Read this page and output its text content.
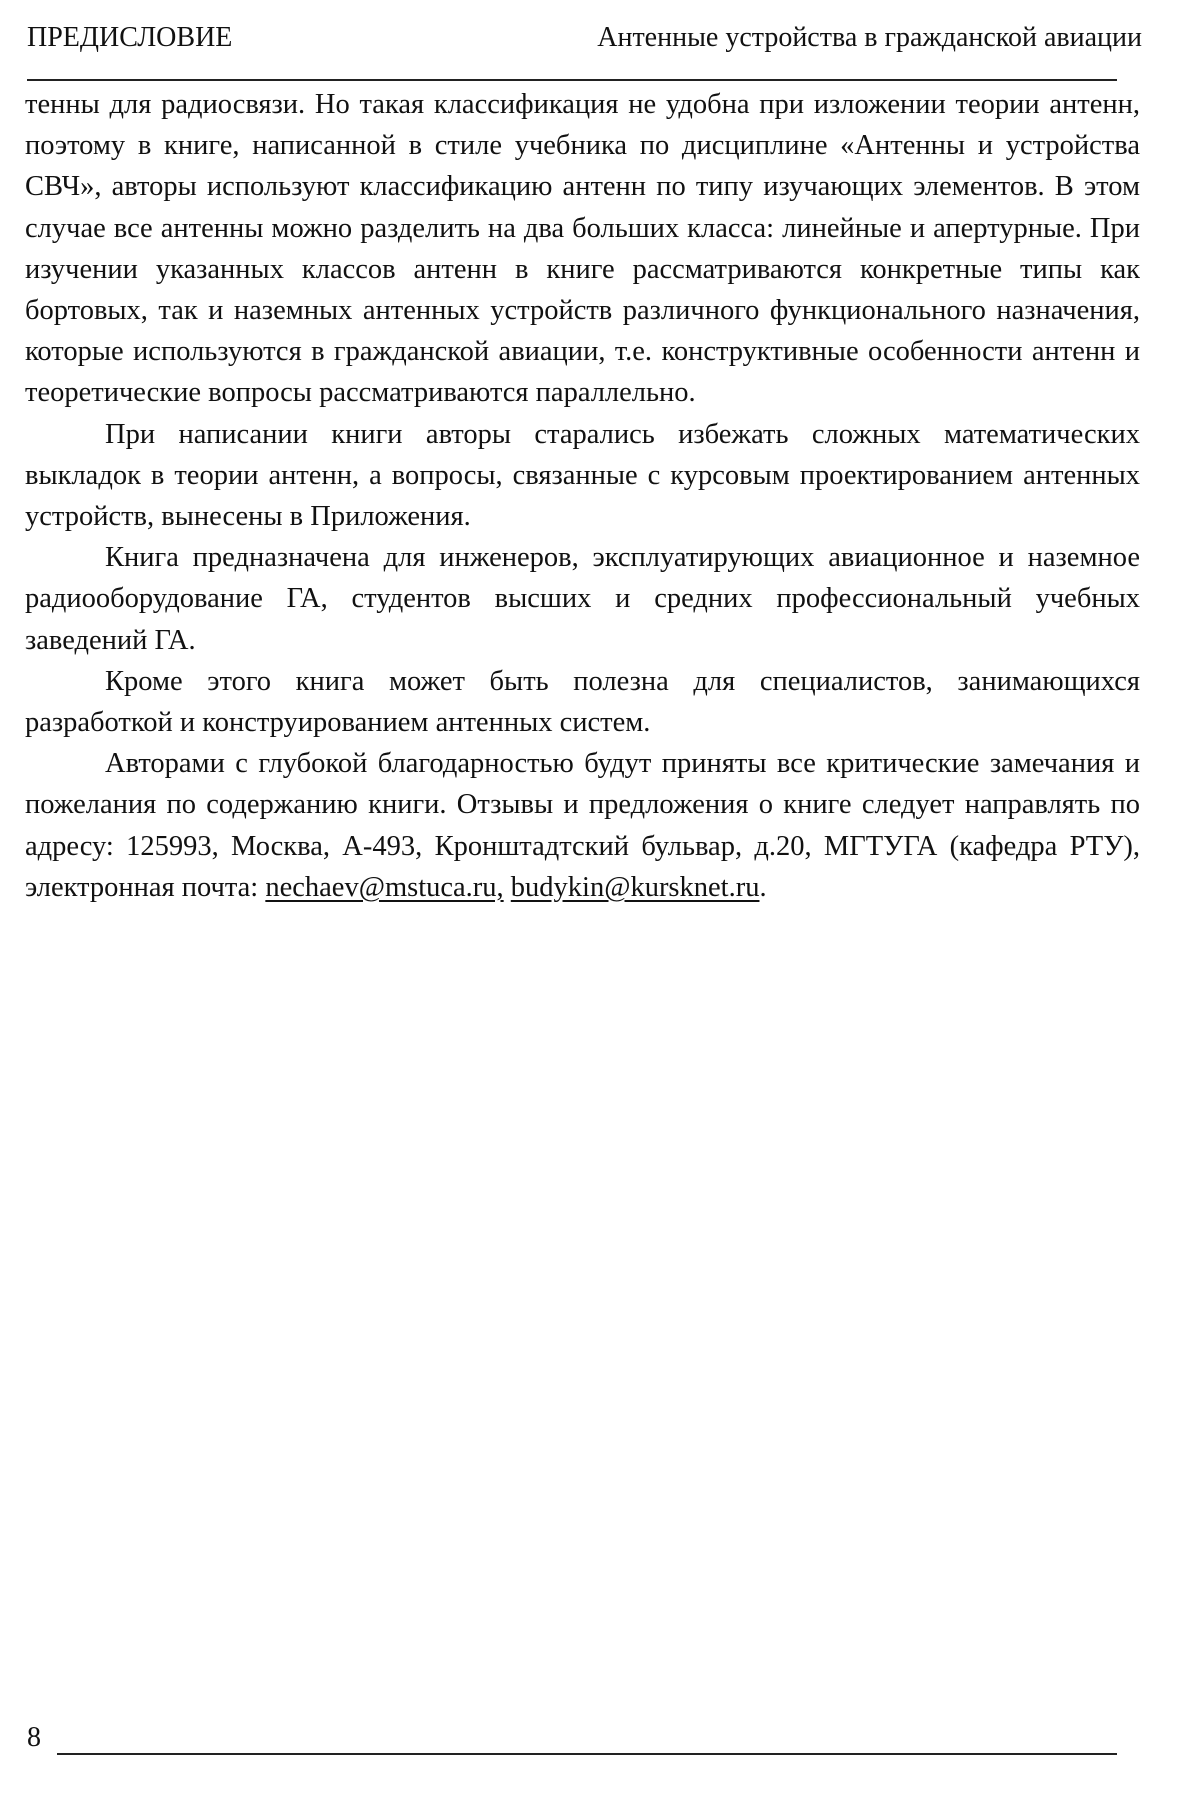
ПРЕДИСЛОВИЕ	Антенные устройства в гражданской авиации

тенны для радиосвязи. Но такая классификация не удобна при изложении теории антенн, поэтому в книге, написанной в стиле учебника по дисциплине «Антенны и устройства СВЧ», авторы используют классификацию антенн по типу изучающих элементов. В этом случае все антенны можно разделить на два больших класса: линейные и апертурные. При изучении указанных классов антенн в книге рассматриваются конкретные типы как бортовых, так и наземных антенных устройств различного функционального назначения, которые используются в гражданской авиации, т.е. конструктивные особенности антенн и теоретические вопросы рассматриваются параллельно.

При написании книги авторы старались избежать сложных математических выкладок в теории антенн, а вопросы, связанные с курсовым проектированием антенных устройств, вынесены в Приложения.

Книга предназначена для инженеров, эксплуатирующих авиационное и наземное радиооборудование ГА, студентов высших и средних профессиональный учебных заведений ГА.

Кроме этого книга может быть полезна для специалистов, занимающихся разработкой и конструированием антенных систем.

Авторами с глубокой благодарностью будут приняты все критические замечания и пожелания по содержанию книги. Отзывы и предложения о книге следует направлять по адресу: 125993, Москва, А-493, Кронштадтский бульвар, д.20, МГТУГА (кафедра РТУ), электронная почта: nechaev@mstuca.ru, budykin@kursknet.ru.

8
